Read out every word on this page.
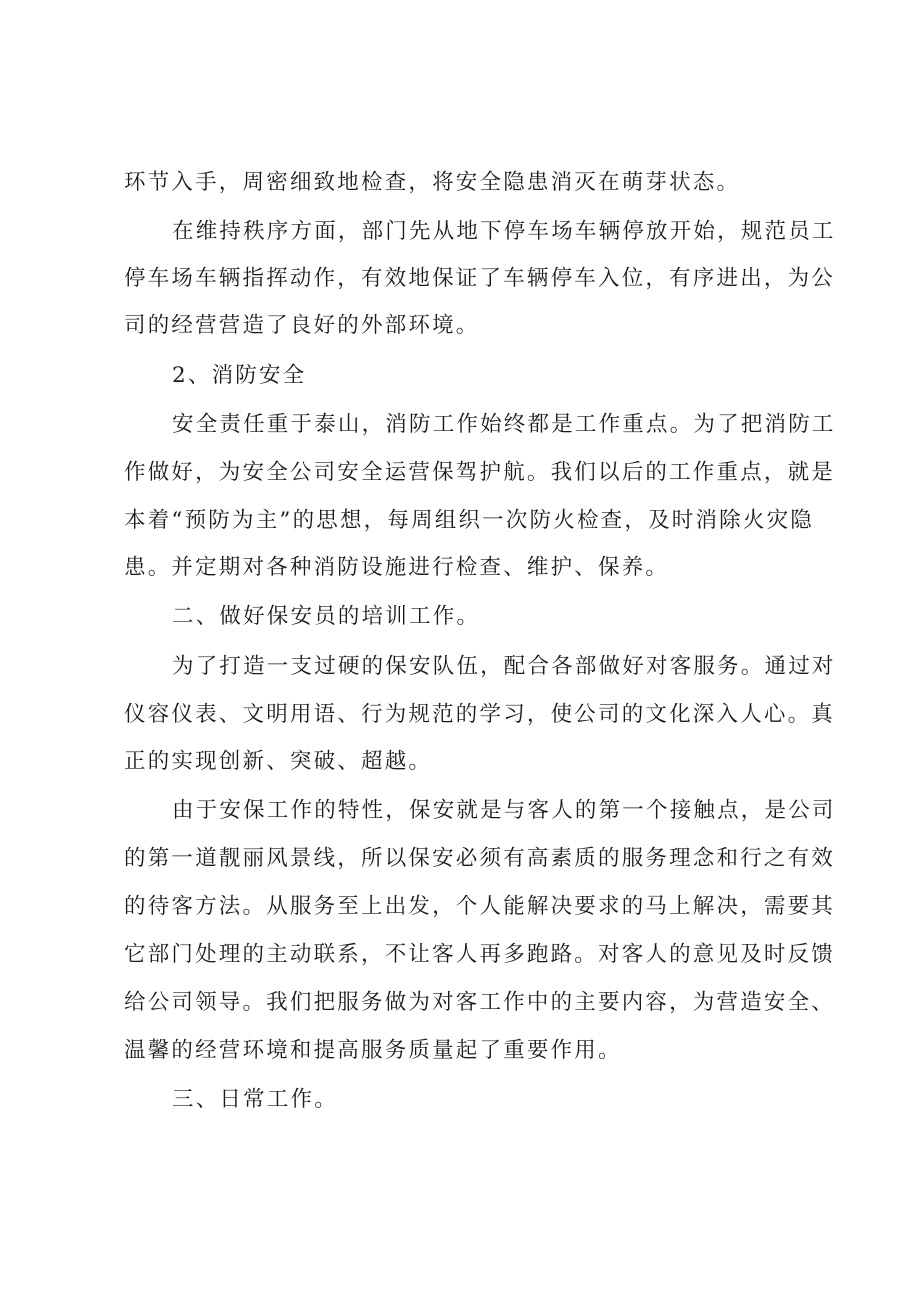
环节入手，周密细致地检查，将安全隐患消灭在萌芽状态。

在维持秩序方面，部门先从地下停车场车辆停放开始，规范员工

停车场车辆指挥动作，有效地保证了车辆停车入位，有序进出，为公

司的经营营造了良好的外部环境。

2、消防安全

安全责任重于泰山，消防工作始终都是工作重点。为了把消防工

作做好，为安全公司安全运营保驾护航。我们以后的工作重点，就是

本着“预防为主”的思想，每周组织一次防火检查，及时消除火灾隐

患。并定期对各种消防设施进行检查、维护、保养。

二、做好保安员的培训工作。

为了打造一支过硬的保安队伍，配合各部做好对客服务。通过对

仪容仪表、文明用语、行为规范的学习，使公司的文化深入人心。真

正的实现创新、突破、超越。

由于安保工作的特性，保安就是与客人的第一个接触点，是公司

的第一道靓丽风景线，所以保安必须有高素质的服务理念和行之有效

的待客方法。从服务至上出发，个人能解决要求的马上解决，需要其

它部门处理的主动联系，不让客人再多跑路。对客人的意见及时反馈

给公司领导。我们把服务做为对客工作中的主要内容，为营造安全、

温馨的经营环境和提高服务质量起了重要作用。

三、日常工作。
